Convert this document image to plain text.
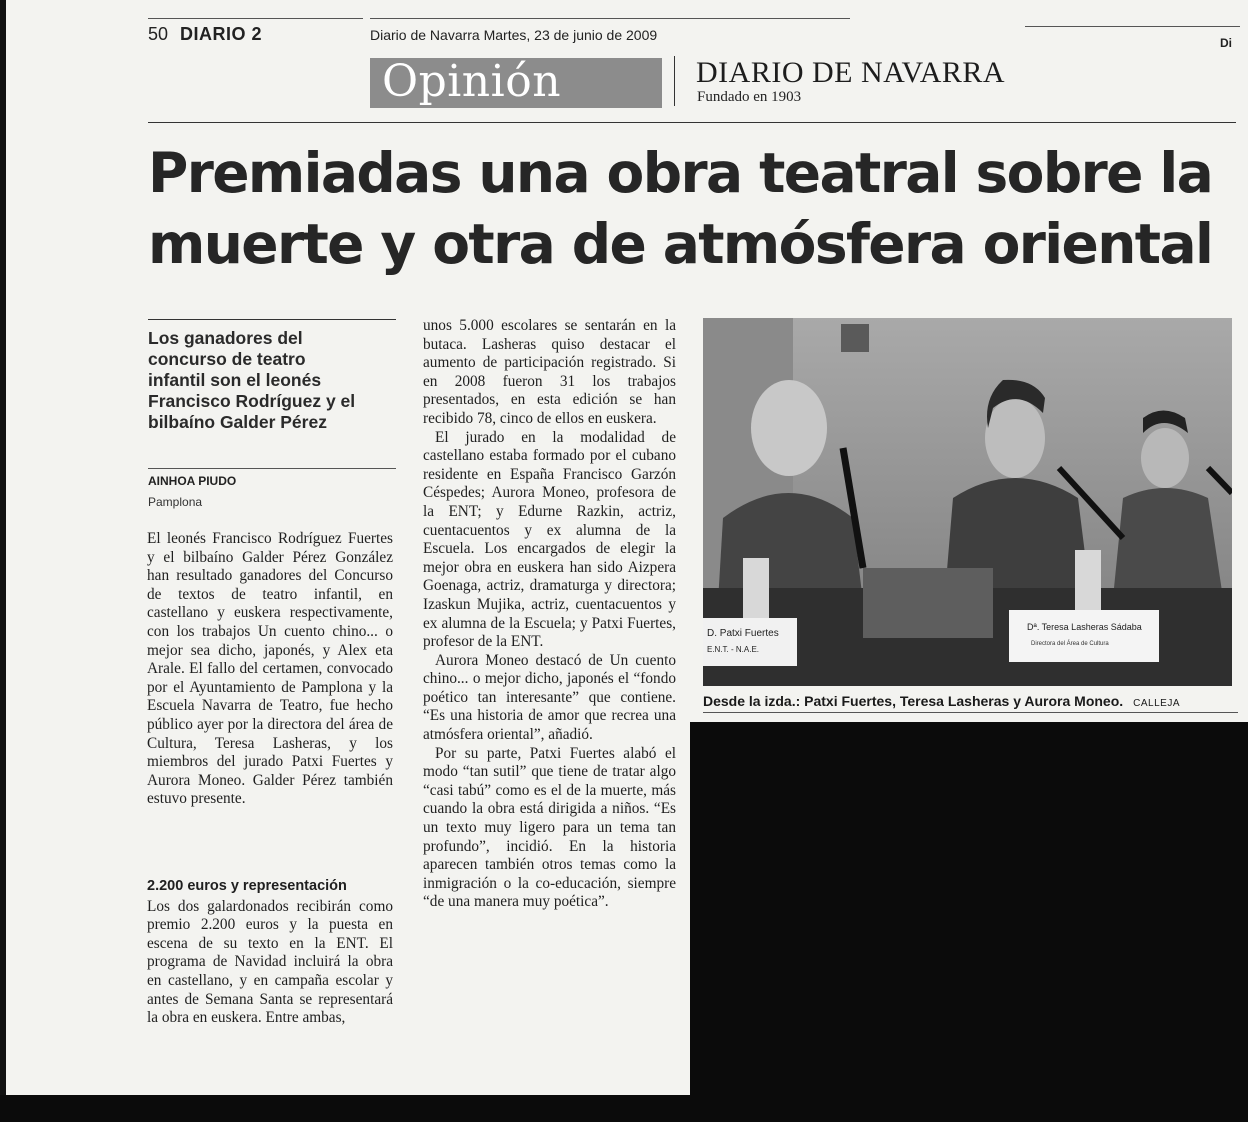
50 DIARIO 2	Diario de Navarra Martes, 23 de junio de 2009	Di
Opinión	DIARIO DE NAVARRA
Fundado en 1903
Premiadas una obra teatral sobre la
muerte y otra de atmósfera oriental
Los ganadores del
concurso de teatro
infantil son el leonés
Francisco Rodríguez y el
bilbaíno Galder Pérez
AINHOA PIUDO
Pamplona

El leonés Francisco Rodríguez Fuertes y el bilbaíno Galder Pérez González han resultado ganadores del Concurso de textos de teatro infantil, en castellano y euskera respectivamente, con los trabajos Un cuento chino... o mejor sea dicho, japonés, y Alex eta Arale. El fallo del certamen, convocado por el Ayuntamiento de Pamplona y la Escuela Navarra de Teatro, fue hecho público ayer por la directora del área de Cultura, Teresa Lasheras, y los miembros del jurado Patxi Fuertes y Aurora Moneo. Galder Pérez también estuvo presente.

2.200 euros y representación

Los dos galardonados recibirán como premio 2.200 euros y la puesta en escena de su texto en la ENT. El programa de Navidad incluirá la obra en castellano, y en campaña escolar y antes de Semana Santa se representará la obra en euskera. Entre ambas,

unos 5.000 escolares se sentarán en la butaca. Lasheras quiso destacar el aumento de participación registrado. Si en 2008 fueron 31 los trabajos presentados, en esta edición se han recibido 78, cinco de ellos en euskera.

El jurado en la modalidad de castellano estaba formado por el cubano residente en España Francisco Garzón Céspedes; Aurora Moneo, profesora de la ENT; y Edurne Razkin, actriz, cuentacuentos y ex alumna de la Escuela. Los encargados de elegir la mejor obra en euskera han sido Aizpera Goenaga, actriz, dramaturga y directora; Izaskun Mujika, actriz, cuentacuentos y ex alumna de la Escuela; y Patxi Fuertes, profesor de la ENT.

Aurora Moneo destacó de Un cuento chino... o mejor dicho, japonés el “fondo poético tan interesante” que contiene. “Es una historia de amor que recrea una atmósfera oriental”, añadió.

Por su parte, Patxi Fuertes alabó el modo “tan sutil” que tiene de tratar algo “casi tabú” como es el de la muerte, más cuando la obra está dirigida a niños. “Es un texto muy ligero para un tema tan profundo”, incidió. En la historia aparecen también otros temas como la inmigración o la co-educación, siempre “de una manera muy poética”.

D. Patxi Fuertes
E.N.T. - N.A.E.
Dª. Teresa Lasheras Sádaba
Directora del Área de Cultura
Desde la izda.: Patxi Fuertes, Teresa Lasheras y Aurora Moneo. CALLEJA
